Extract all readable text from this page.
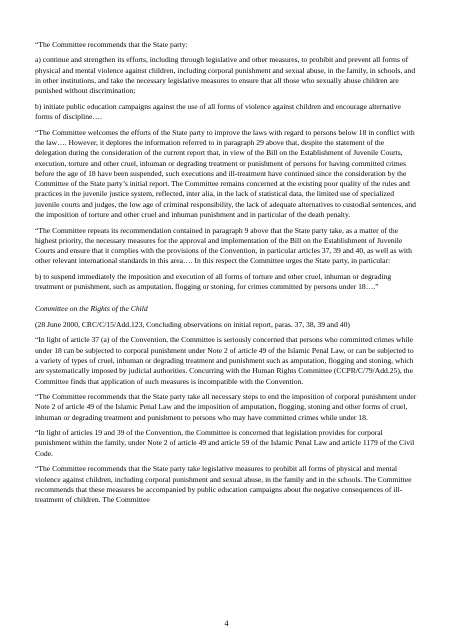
“The Committee recommends that the State party:

a) continue and strengthen its efforts, including through legislative and other measures, to prohibit and prevent all forms of physical and mental violence against children, including corporal punishment and sexual abuse, in the family, in schools, and in other institutions, and take the necessary legislative measures to ensure that all those who sexually abuse children are punished without discrimination;

b) initiate public education campaigns against the use of all forms of violence against children and encourage alternative forms of discipline….

“The Committee welcomes the efforts of the State party to improve the laws with regard to persons below 18 in conflict with the law…. However, it deplores the information referred to in paragraph 29 above that, despite the statement of the delegation during the consideration of the current report that, in view of the Bill on the Establishment of Juvenile Courts, execution, torture and other cruel, inhuman or degrading treatment or punishment of persons for having committed crimes before the age of 18 have been suspended, such executions and ill-treatment have continued since the consideration by the Committee of the State party’s initial report. The Committee remains concerned at the existing poor quality of the rules and practices in the juvenile justice system, reflected, inter alia, in the lack of statistical data, the limited use of specialized juvenile courts and judges, the low age of criminal responsibility, the lack of adequate alternatives to custodial sentences, and the imposition of torture and other cruel and inhuman punishment and in particular of the death penalty.

“The Committee repeats its recommendation contained in paragraph 9 above that the State party take, as a matter of the highest priority, the necessary measures for the approval and implementation of the Bill on the Establishment of Juvenile Courts and ensure that it complies with the provisions of the Convention, in particular articles 37, 39 and 40, as well as with other relevant international standards in this area…. In this respect the Committee urges the State party, in particular:

b) to suspend immediately the imposition and execution of all forms of torture and other cruel, inhuman or degrading treatment or punishment, such as amputation, flogging or stoning, for crimes committed by persons under 18….”

Committee on the Rights of the Child

(28 June 2000, CRC/C/15/Add.123, Concluding observations on initial report, paras. 37, 38, 39 and 40)

“In light of article 37 (a) of the Convention, the Committee is seriously concerned that persons who committed crimes while under 18 can be subjected to corporal punishment under Note 2 of article 49 of the Islamic Penal Law, or can be subjected to a variety of types of cruel, inhuman or degrading treatment and punishment such as amputation, flogging and stoning, which are systematically imposed by judicial authorities. Concurring with the Human Rights Committee (CCPR/C/79/Add.25), the Committee finds that application of such measures is incompatible with the Convention.

“The Committee recommends that the State party take all necessary steps to end the imposition of corporal punishment under Note 2 of article 49 of the Islamic Penal Law and the imposition of amputation, flogging, stoning and other forms of cruel, inhuman or degrading treatment and punishment to persons who may have committed crimes while under 18.

“In light of articles 19 and 39 of the Convention, the Committee is concerned that legislation provides for corporal punishment within the family, under Note 2 of article 49 and article 59 of the Islamic Penal Law and article 1179 of the Civil Code.

“The Committee recommends that the State party take legislative measures to prohibit all forms of physical and mental violence against children, including corporal punishment and sexual abuse, in the family and in the schools. The Committee recommends that these measures be accompanied by public education campaigns about the negative consequences of ill-treatment of children. The Committee

4
